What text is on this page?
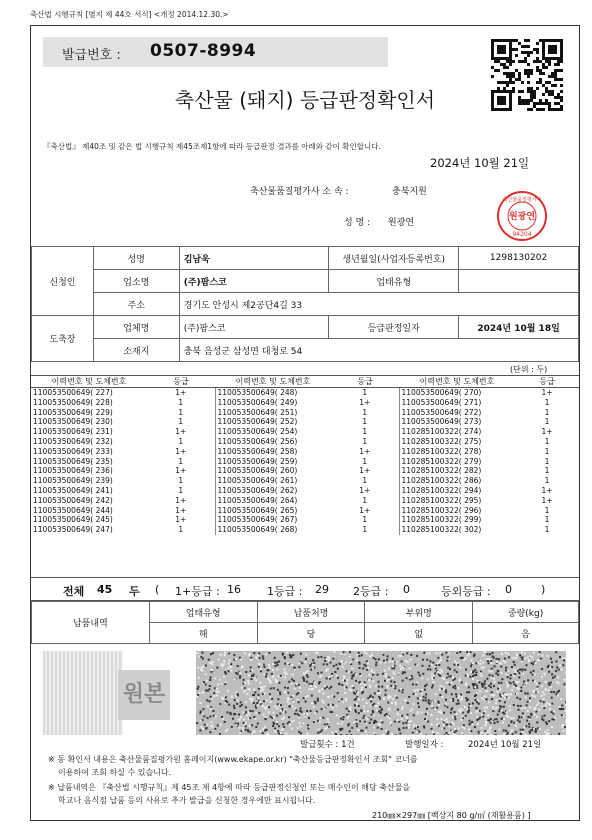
축산법 시행규칙 [별지 제 44호 서식] <개정 2014.12.30.>
발급번호 : 0507-8994
축산물 (돼지) 등급판정확인서
『축산법』 제40조 및 같은 법 시행규칙 제45조제1항에 따라 등급판정 결과를 아래와 같이 확인합니다.
2024년 10월 21일
축산물품질평가사 소 속 :	충북지원
성 명 : 원광연
원광연
94204
축산물품질평가사
신청인	성명	김남욱	생년월일(사업자등록번호)	1298130202
	업소명	(주)팜스코	업태유형	
	주소	경기도 안성시 제2공단4길 33		
도축장	업체명	(주)팜스코	등급판정일자	2024년 10월 18일
	소재지	충북 음성군 삼성면 대청로 54		
(단위 : 두)
이력번호 및 도체번호	등급	이력번호 및 도체번호	등급	이력번호 및 도체번호	등급
110053500649( 227)	1+	110053500649( 248)	1	110053500649( 270)	1+
110053500649( 228)	1	110053500649( 249)	1+	110053500649( 271)	1
110053500649( 229)	1	110053500649( 251)	1	110053500649( 272)	1
110053500649( 230)	1	110053500649( 252)	1	110053500649( 273)	1
110053500649( 231)	1+	110053500649( 254)	1	110285100322( 274)	1+
110053500649( 232)	1	110053500649( 256)	1	110285100322( 275)	1
110053500649( 233)	1+	110053500649( 258)	1+	110285100322( 278)	1
110053500649( 235)	1	110053500649( 259)	1	110285100322( 279)	1
110053500649( 236)	1+	110053500649( 260)	1+	110285100322( 282)	1
110053500649( 239)	1	110053500649( 261)	1	110285100322( 286)	1
110053500649( 241)	1	110053500649( 262)	1+	110285100322( 294)	1+
110053500649( 242)	1+	110053500649( 264)	1	110285100322( 295)	1+
110053500649( 244)	1+	110053500649( 265)	1+	110285100322( 296)	1
110053500649( 245)	1+	110053500649( 267)	1	110285100322( 299)	1
110053500649( 247)	1	110053500649( 268)	1	110285100322( 302)	1
전체 45 두 ( 1+등급 : 16 1등급 : 29 2등급 : 0	등외등급 : 0	)
납품내역	업태유형	납품처명	부위명	중량(kg)
	해	당	없	음
원본
발급횟수 : 1건	발행일자 :	2024년 10월 21일
※ 동 확인서 내용은 축산물품질평가원 홈페이지(www.ekape.or.kr) "축산물등급판정확인서 조회" 코너를
이용하여 조회 하실 수 있습니다.
※ 납품내역은 『축산법 시행규칙』제 45조 제 4항에 따라 등급판정신청인 또는 매수인이 해당 축산물을
학교나 음식점 납품 등의 사유로 추가 발급을 신청한 경우에만 표시됩니다.
210㎜×297㎜ [백상지 80 g/㎡ (재활용품) ]
